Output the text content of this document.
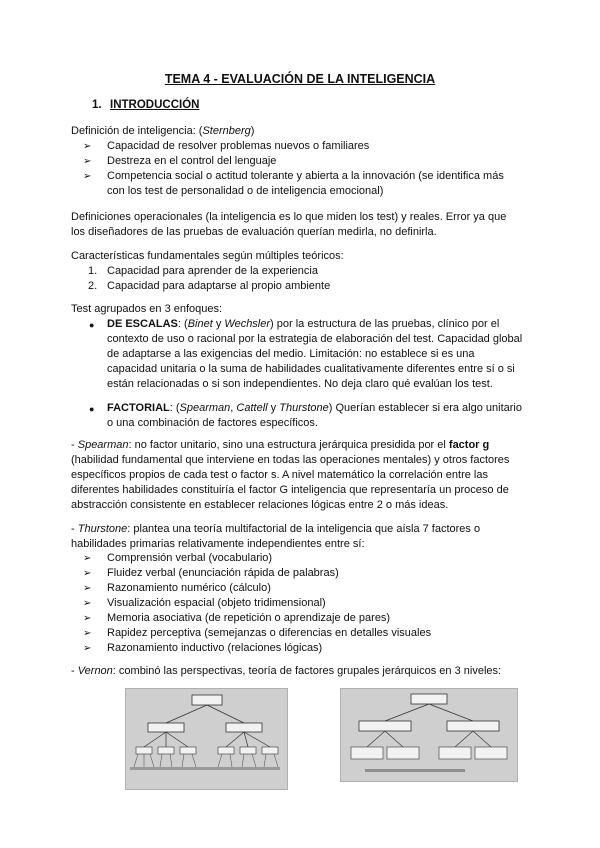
TEMA 4 - EVALUACIÓN DE LA INTELIGENCIA
1. INTRODUCCIÓN
Definición de inteligencia: (Sternberg)
➢ Capacidad de resolver problemas nuevos o familiares
➢ Destreza en el control del lenguaje
➢ Competencia social o actitud tolerante y abierta a la innovación (se identifica más
con los test de personalidad o de inteligencia emocional)
Definiciones operacionales (la inteligencia es lo que miden los test) y reales. Error ya que
los diseñadores de las pruebas de evaluación querían medirla, no definirla.
Características fundamentales según múltiples teóricos:
1. Capacidad para aprender de la experiencia
2. Capacidad para adaptarse al propio ambiente
Test agrupados en 3 enfoques:
● DE ESCALAS: (Binet y Wechsler) por la estructura de las pruebas, clínico por el
contexto de uso o racional por la estrategia de elaboración del test. Capacidad global
de adaptarse a las exigencias del medio. Limitación: no establece si es una
capacidad unitaria o la suma de habilidades cualitativamente diferentes entre sí o si
están relacionadas o si son independientes. No deja claro qué evalúan los test.
● FACTORIAL: (Spearman, Cattell y Thurstone) Querían establecer si era algo unitario
o una combinación de factores específicos.
- Spearman: no factor unitario, sino una estructura jerárquica presidida por el factor g
(habilidad fundamental que interviene en todas las operaciones mentales) y otros factores
específicos propios de cada test o factor s. A nivel matemático la correlación entre las
diferentes habilidades constituiría el factor G inteligencia que representaría un proceso de
abstracción consistente en establecer relaciones lógicas entre 2 o más ideas.
- Thurstone: plantea una teoría multifactorial de la inteligencia que aísla 7 factores o
habilidades primarias relativamente independientes entre sí:
➢ Comprensión verbal (vocabulario)
➢ Fluidez verbal (enunciación rápida de palabras)
➢ Razonamiento numérico (cálculo)
➢ Visualización espacial (objeto tridimensional)
➢ Memoria asociativa (de repetición o aprendizaje de pares)
➢ Rapidez perceptiva (semejanzas o diferencias en detalles visuales
➢ Razonamiento inductivo (relaciones lógicas)
- Vernon: combinó las perspectivas, teoría de factores grupales jerárquicos en 3 niveles:
